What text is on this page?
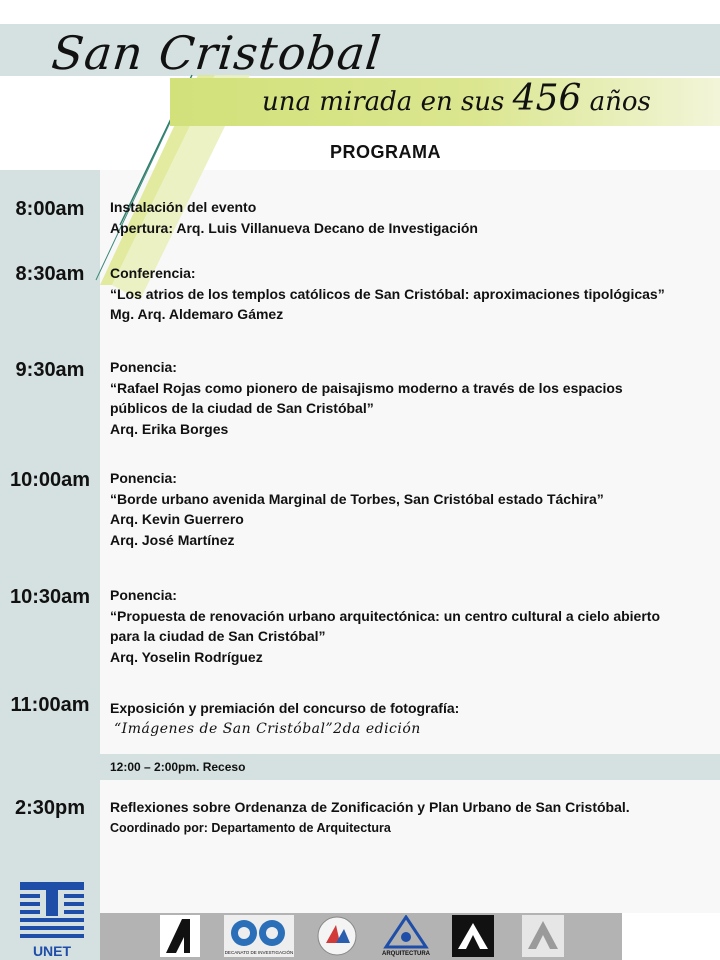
San Cristobal
una mirada en sus 456 años
PROGRAMA
8:00am	Instalación del evento
Apertura: Arq. Luis Villanueva Decano de Investigación
8:30am	Conferencia:
“Los atrios de los templos católicos de San Cristóbal: aproximaciones tipológicas”
Mg. Arq. Aldemaro Gámez
9:30am	Ponencia:
“Rafael Rojas como pionero de paisajismo moderno a través de los espacios
públicos de la ciudad de San Cristóbal”
Arq. Erika Borges
10:00am	Ponencia:
“Borde urbano avenida Marginal de Torbes, San Cristóbal estado Táchira”
Arq. Kevin Guerrero
Arq. José Martínez
10:30am	Ponencia:
“Propuesta de renovación urbano arquitectónica: un centro cultural a cielo abierto
para la ciudad de San Cristóbal”
Arq. Yoselin Rodríguez
11:00am	Exposición y premiación del concurso de fotografía:
“Imágenes de San Cristóbal”2da edición
12:00 – 2:00pm. Receso
2:30pm	Reflexiones sobre Ordenanza de Zonificación y Plan Urbano de San Cristóbal.
Coordinado por: Departamento de Arquitectura
UNET	DECANATO DE INVESTIGACIÓN	ARQUITECTURA
